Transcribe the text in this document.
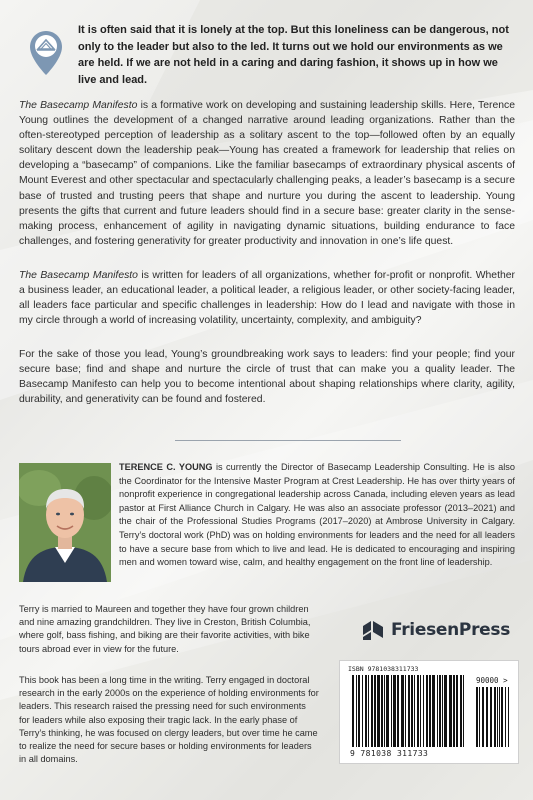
It is often said that it is lonely at the top. But this loneliness can be dangerous, not only to the leader but also to the led. It turns out we hold our environments as we are held. If we are not held in a caring and daring fashion, it shows up in how we live and lead.

The Basecamp Manifesto is a formative work on developing and sustaining leadership skills. Here, Terence Young outlines the development of a changed narrative around leading organizations. Rather than the often-stereotyped perception of leadership as a solitary ascent to the top—followed often by an equally solitary descent down the leadership peak—Young has created a framework for leadership that relies on developing a “basecamp” of companions. Like the familiar basecamps of extraordinary physical ascents of Mount Everest and other spectacular and spectacularly challenging peaks, a leader’s basecamp is a secure base of trusted and trusting peers that shape and nurture you during the ascent to leadership. Young presents the gifts that current and future leaders should find in a secure base: greater clarity in the sense-making process, enhancement of agility in navigating dynamic situations, building endurance to face challenges, and fostering generativity for greater productivity and innovation in one’s life quest.

The Basecamp Manifesto is written for leaders of all organizations, whether for-profit or nonprofit. Whether a business leader, an educational leader, a political leader, a religious leader, or other society-facing leader, all leaders face particular and specific challenges in leadership: How do I lead and navigate with those in my circle through a world of increasing volatility, uncertainty, complexity, and ambiguity?

For the sake of those you lead, Young’s groundbreaking work says to leaders: find your people; find your secure base; find and shape and nurture the circle of trust that can make you a quality leader. The Basecamp Manifesto can help you to become intentional about shaping relationships where clarity, agility, durability, and generativity can be found and fostered.

TERENCE C. YOUNG is currently the Director of Basecamp Leadership Consulting. He is also the Coordinator for the Intensive Master Program at Crest Leadership. He has over thirty years of nonprofit experience in congregational leadership across Canada, including eleven years as lead pastor at First Alliance Church in Calgary. He was also an associate professor (2013–2021) and the chair of the Professional Studies Programs (2017–2020) at Ambrose University in Calgary. Terry’s doctoral work (PhD) was on holding environments for leaders and the need for all leaders to have a secure base from which to live and lead. He is dedicated to encouraging and inspiring men and women toward wise, calm, and healthy engagement on the front line of leadership.

Terry is married to Maureen and together they have four grown children and nine amazing grandchildren. They live in Creston, British Columbia, where golf, bass fishing, and biking are their favorite activities, with bike tours abroad ever in view for the future.

This book has been a long time in the writing. Terry engaged in doctoral research in the early 2000s on the experience of holding environments for leaders. This research raised the pressing need for such environments for leaders while also exposing their tragic lack. In the early phase of Terry’s thinking, he was focused on clergy leaders, but over time he came to realize the need for secure bases or holding environments for leaders in all domains.

FriesenPress
ISBN 9781038311733
90000 >
9 781038 311733
